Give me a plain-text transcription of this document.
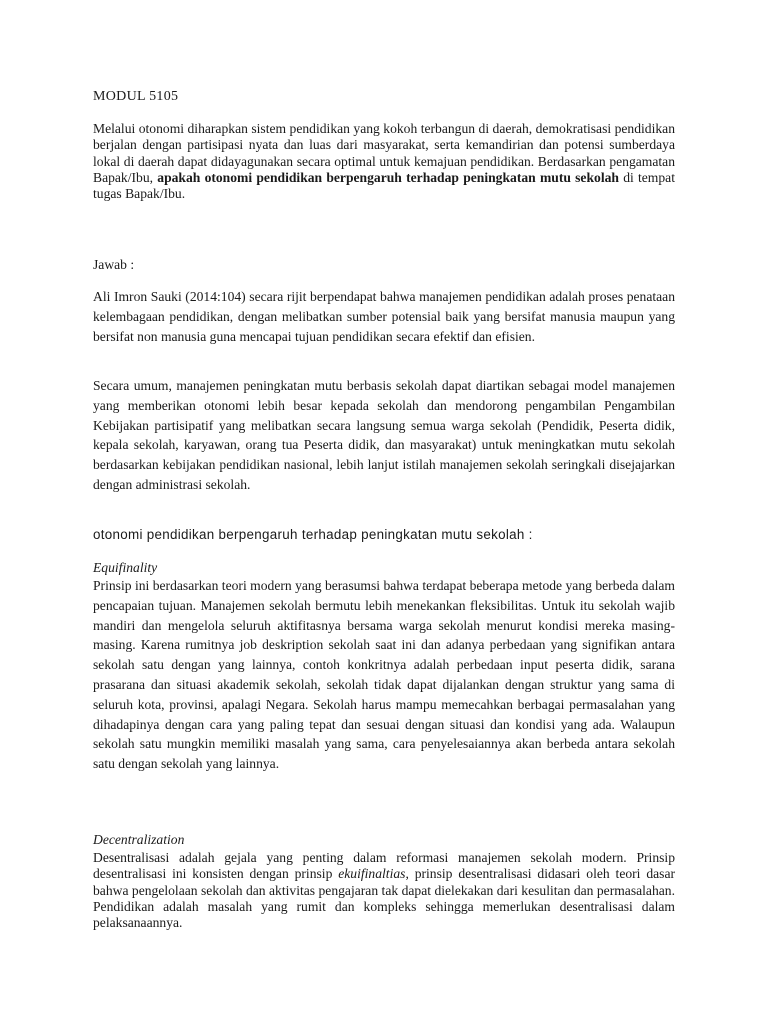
MODUL 5105

Melalui otonomi diharapkan sistem pendidikan yang kokoh terbangun di daerah, demokratisasi pendidikan berjalan dengan partisipasi nyata dan luas dari masyarakat, serta kemandirian dan potensi sumberdaya lokal di daerah dapat didayagunakan secara optimal untuk kemajuan pendidikan. Berdasarkan pengamatan Bapak/Ibu, apakah otonomi pendidikan berpengaruh terhadap peningkatan mutu sekolah di tempat tugas Bapak/Ibu.

Jawab :

Ali Imron Sauki (2014:104) secara rijit berpendapat bahwa manajemen pendidikan adalah proses penataan kelembagaan pendidikan, dengan melibatkan sumber potensial baik yang bersifat manusia maupun yang bersifat non manusia guna mencapai tujuan pendidikan secara efektif dan efisien.

Secara umum, manajemen peningkatan mutu berbasis sekolah dapat diartikan sebagai model manajemen yang memberikan otonomi lebih besar kepada sekolah dan mendorong pengambilan Pengambilan Kebijakan partisipatif yang melibatkan secara langsung semua warga sekolah (Pendidik, Peserta didik, kepala sekolah, karyawan, orang tua Peserta didik, dan masyarakat) untuk meningkatkan mutu sekolah berdasarkan kebijakan pendidikan nasional, lebih lanjut istilah manajemen sekolah seringkali disejajarkan dengan administrasi sekolah.

otonomi pendidikan berpengaruh terhadap peningkatan mutu sekolah :

Equifinality

Prinsip ini berdasarkan teori modern yang berasumsi bahwa terdapat beberapa metode yang berbeda dalam pencapaian tujuan. Manajemen sekolah bermutu lebih menekankan fleksibilitas. Untuk itu sekolah wajib mandiri dan mengelola seluruh aktifitasnya bersama warga sekolah menurut kondisi mereka masing-masing. Karena rumitnya job deskription sekolah saat ini dan adanya perbedaan yang signifikan antara sekolah satu dengan yang lainnya, contoh konkritnya adalah perbedaan input peserta didik, sarana prasarana dan situasi akademik sekolah, sekolah tidak dapat dijalankan dengan struktur yang sama di seluruh kota, provinsi, apalagi Negara. Sekolah harus mampu memecahkan berbagai permasalahan yang dihadapinya dengan cara yang paling tepat dan sesuai dengan situasi dan kondisi yang ada. Walaupun sekolah satu mungkin memiliki masalah yang sama, cara penyelesaiannya akan berbeda antara sekolah satu dengan sekolah yang lainnya.

Decentralization

Desentralisasi adalah gejala yang penting dalam reformasi manajemen sekolah modern. Prinsip desentralisasi ini konsisten dengan prinsip ekuifinaltias, prinsip desentralisasi didasari oleh teori dasar bahwa pengelolaan sekolah dan aktivitas pengajaran tak dapat dielekakan dari kesulitan dan permasalahan. Pendidikan adalah masalah yang rumit dan kompleks sehingga memerlukan desentralisasi dalam pelaksanaannya.
